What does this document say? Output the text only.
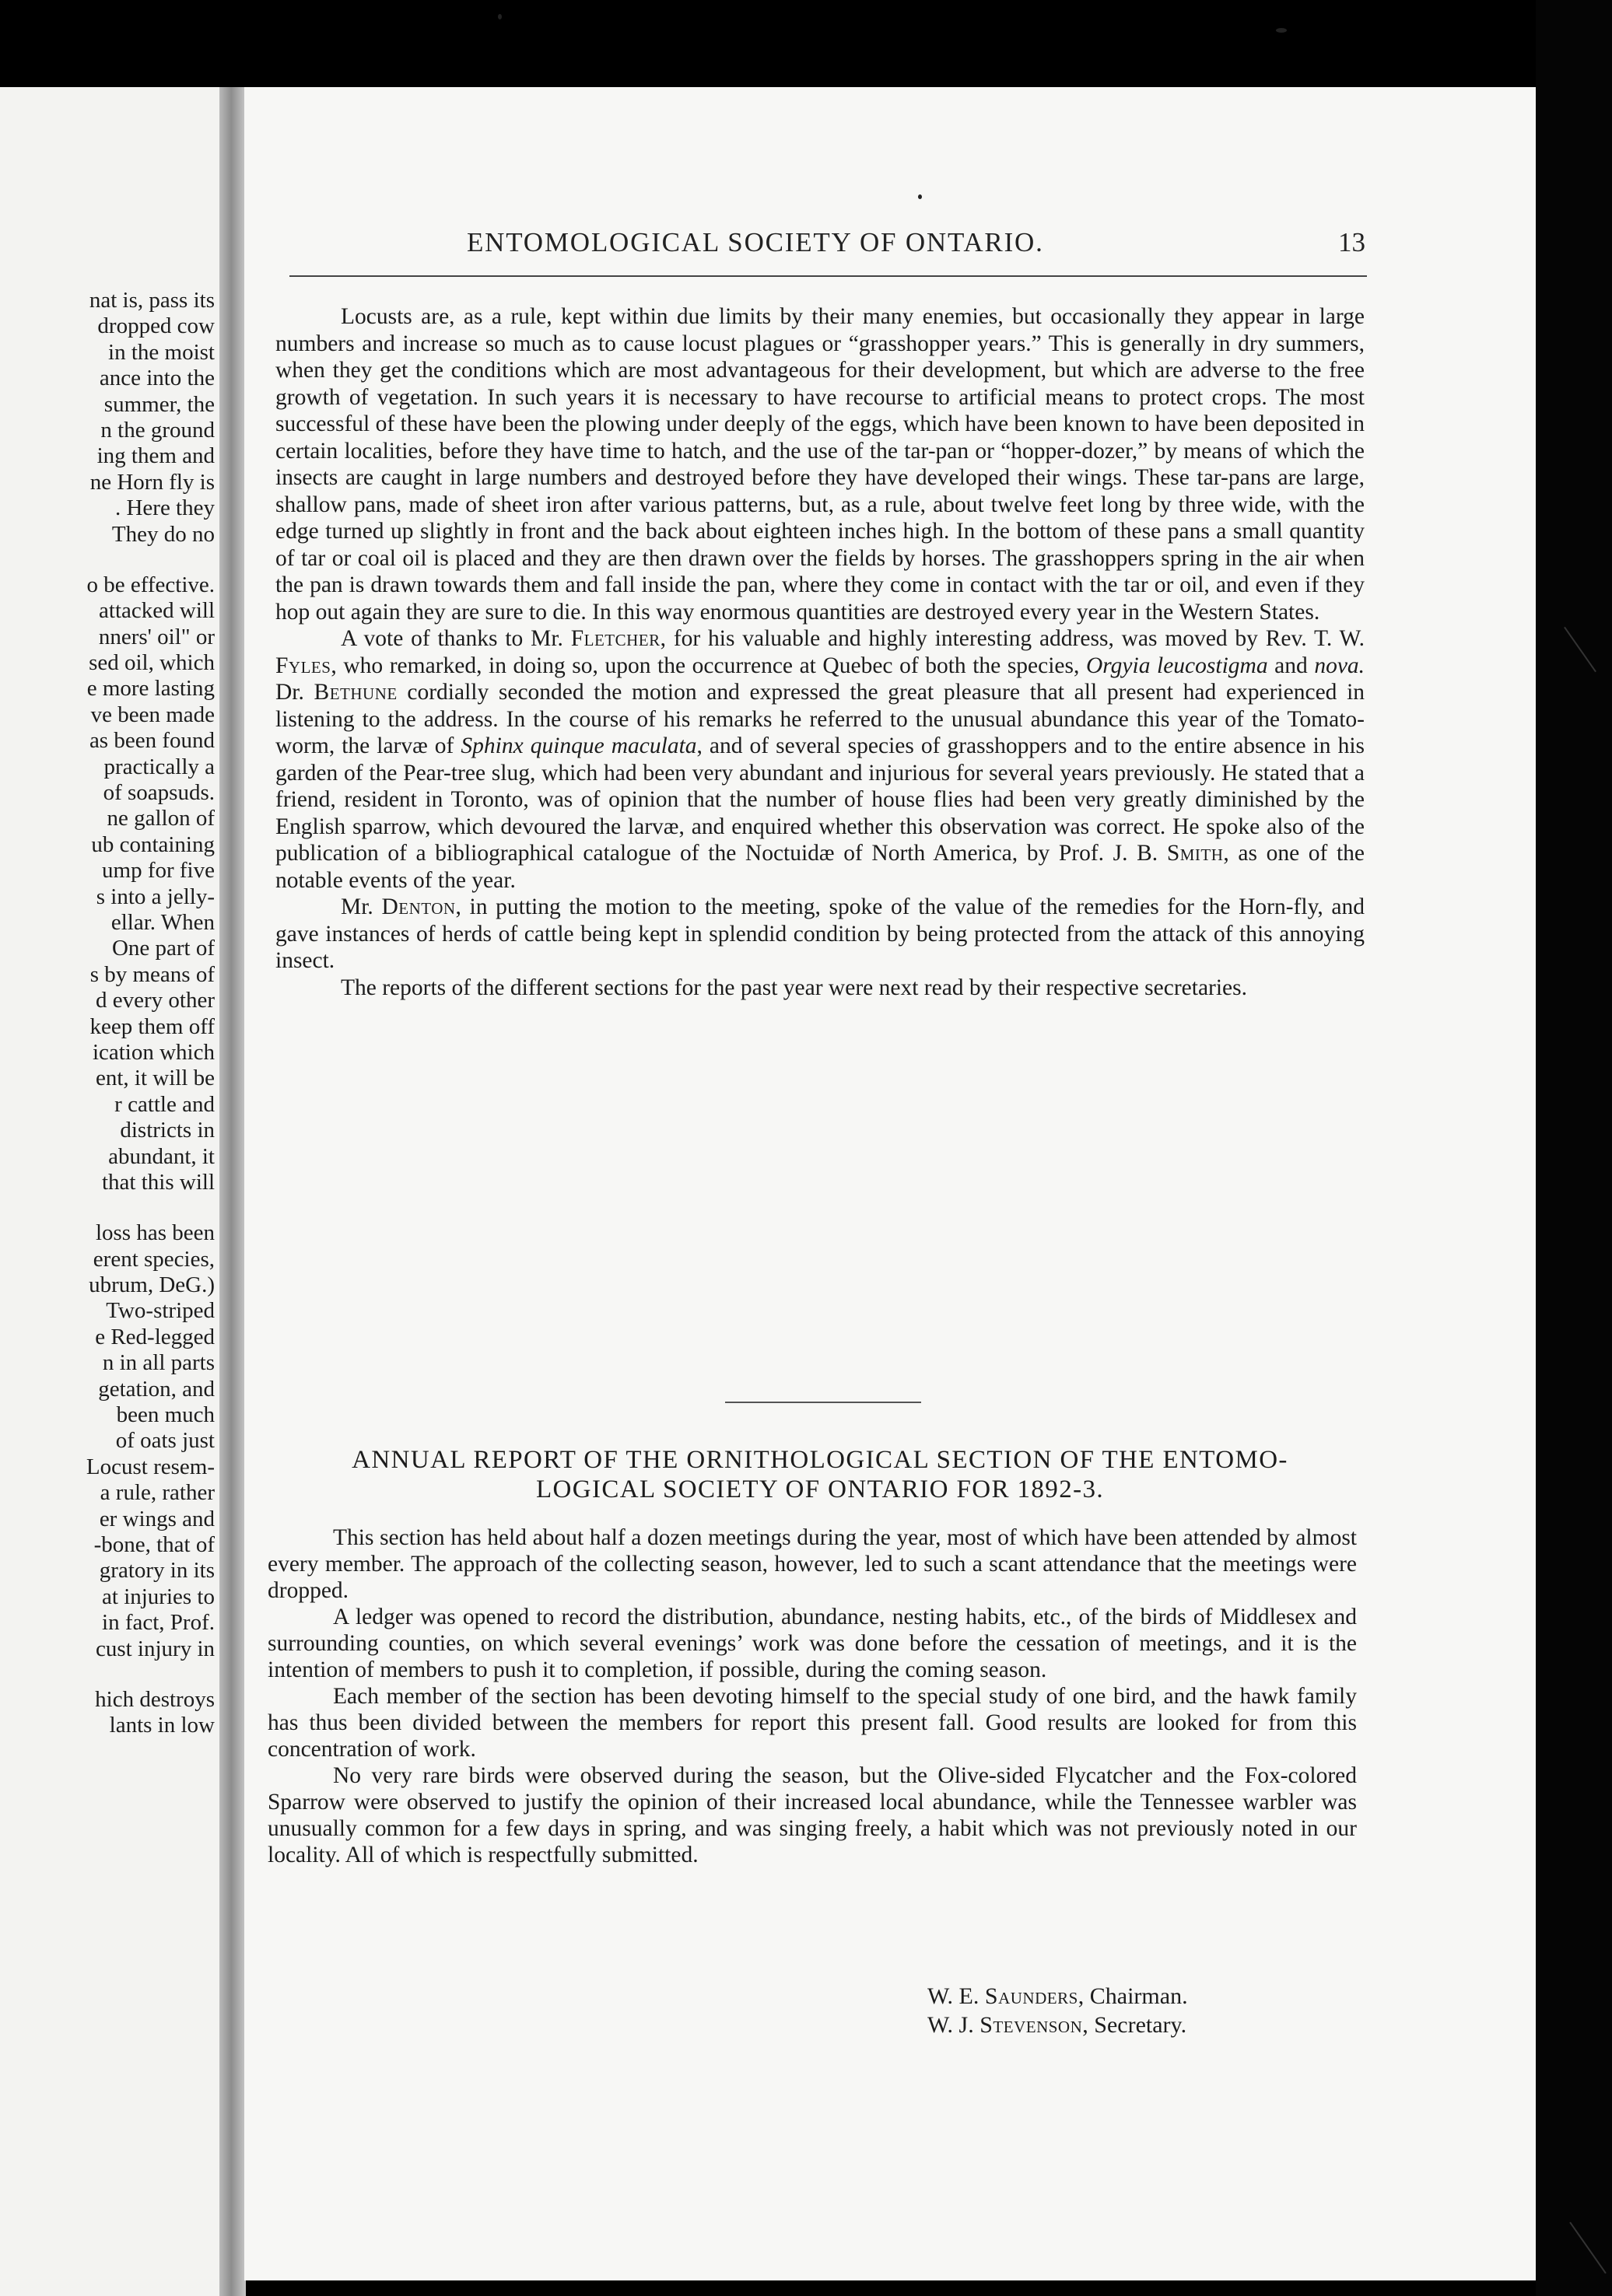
nat is, pass its
dropped cow
in the moist
ance into the
summer, the
n the ground
ing them and
ne Horn fly is
. Here they
They do no
o be effective.
attacked will
nners' oil" or
sed oil, which
e more lasting
ve been made
as been found
practically a
of soapsuds.
ne gallon of
ub containing
ump for five
s into a jelly-
ellar. When
One part of
s by means of
d every other
keep them off
ication which
ent, it will be
r cattle and
districts in
abundant, it
that this will
loss has been
erent species,
ubrum, DeG.)
Two-striped
e Red-legged
n in all parts
getation, and
been much
of oats just
Locust resem-
a rule, rather
er wings and
-bone, that of
gratory in its
at injuries to
in fact, Prof.
cust injury in
hich destroys
lants in low
ENTOMOLOGICAL SOCIETY OF ONTARIO.	13

Locusts are, as a rule, kept within due limits by their many enemies, but occasionally they appear in large numbers and increase so much as to cause locust plagues or “grasshopper years.” This is generally in dry summers, when they get the conditions which are most advantageous for their development, but which are adverse to the free growth of vegetation. In such years it is necessary to have recourse to artificial means to protect crops. The most successful of these have been the plowing under deeply of the eggs, which have been known to have been deposited in certain localities, before they have time to hatch, and the use of the tar-pan or “hopper-dozer,” by means of which the insects are caught in large numbers and destroyed before they have developed their wings. These tar-pans are large, shallow pans, made of sheet iron after various patterns, but, as a rule, about twelve feet long by three wide, with the edge turned up slightly in front and the back about eighteen inches high. In the bottom of these pans a small quantity of tar or coal oil is placed and they are then drawn over the fields by horses. The grasshoppers spring in the air when the pan is drawn towards them and fall inside the pan, where they come in contact with the tar or oil, and even if they hop out again they are sure to die. In this way enormous quantities are destroyed every year in the Western States.

A vote of thanks to Mr. Fletcher, for his valuable and highly interesting address, was moved by Rev. T. W. Fyles, who remarked, in doing so, upon the occurrence at Quebec of both the species, Orgyia leucostigma and nova. Dr. Bethune cordially seconded the motion and expressed the great pleasure that all present had experienced in listening to the address. In the course of his remarks he referred to the unusual abundance this year of the Tomato-worm, the larvæ of Sphinx quinque maculata, and of several species of grasshoppers and to the entire absence in his garden of the Pear-tree slug, which had been very abundant and injurious for several years previously. He stated that a friend, resident in Toronto, was of opinion that the number of house flies had been very greatly diminished by the English sparrow, which devoured the larvæ, and enquired whether this observation was correct. He spoke also of the publication of a bibliographical catalogue of the Noctuidæ of North America, by Prof. J. B. Smith, as one of the notable events of the year.

Mr. Denton, in putting the motion to the meeting, spoke of the value of the remedies for the Horn-fly, and gave instances of herds of cattle being kept in splendid condition by being protected from the attack of this annoying insect.

The reports of the different sections for the past year were next read by their respective secretaries.

ANNUAL REPORT OF THE ORNITHOLOGICAL SECTION OF THE ENTOMO-
LOGICAL SOCIETY OF ONTARIO FOR 1892-3.

This section has held about half a dozen meetings during the year, most of which have been attended by almost every member. The approach of the collecting season, however, led to such a scant attendance that the meetings were dropped.

A ledger was opened to record the distribution, abundance, nesting habits, etc., of the birds of Middlesex and surrounding counties, on which several evenings’ work was done before the cessation of meetings, and it is the intention of members to push it to completion, if possible, during the coming season.

Each member of the section has been devoting himself to the special study of one bird, and the hawk family has thus been divided between the members for report this present fall. Good results are looked for from this concentration of work.

No very rare birds were observed during the season, but the Olive-sided Flycatcher and the Fox-colored Sparrow were observed to justify the opinion of their increased local abundance, while the Tennessee warbler was unusually common for a few days in spring, and was singing freely, a habit which was not previously noted in our locality. All of which is respectfully submitted.

W. E. Saunders, Chairman.
W. J. Stevenson, Secretary.
